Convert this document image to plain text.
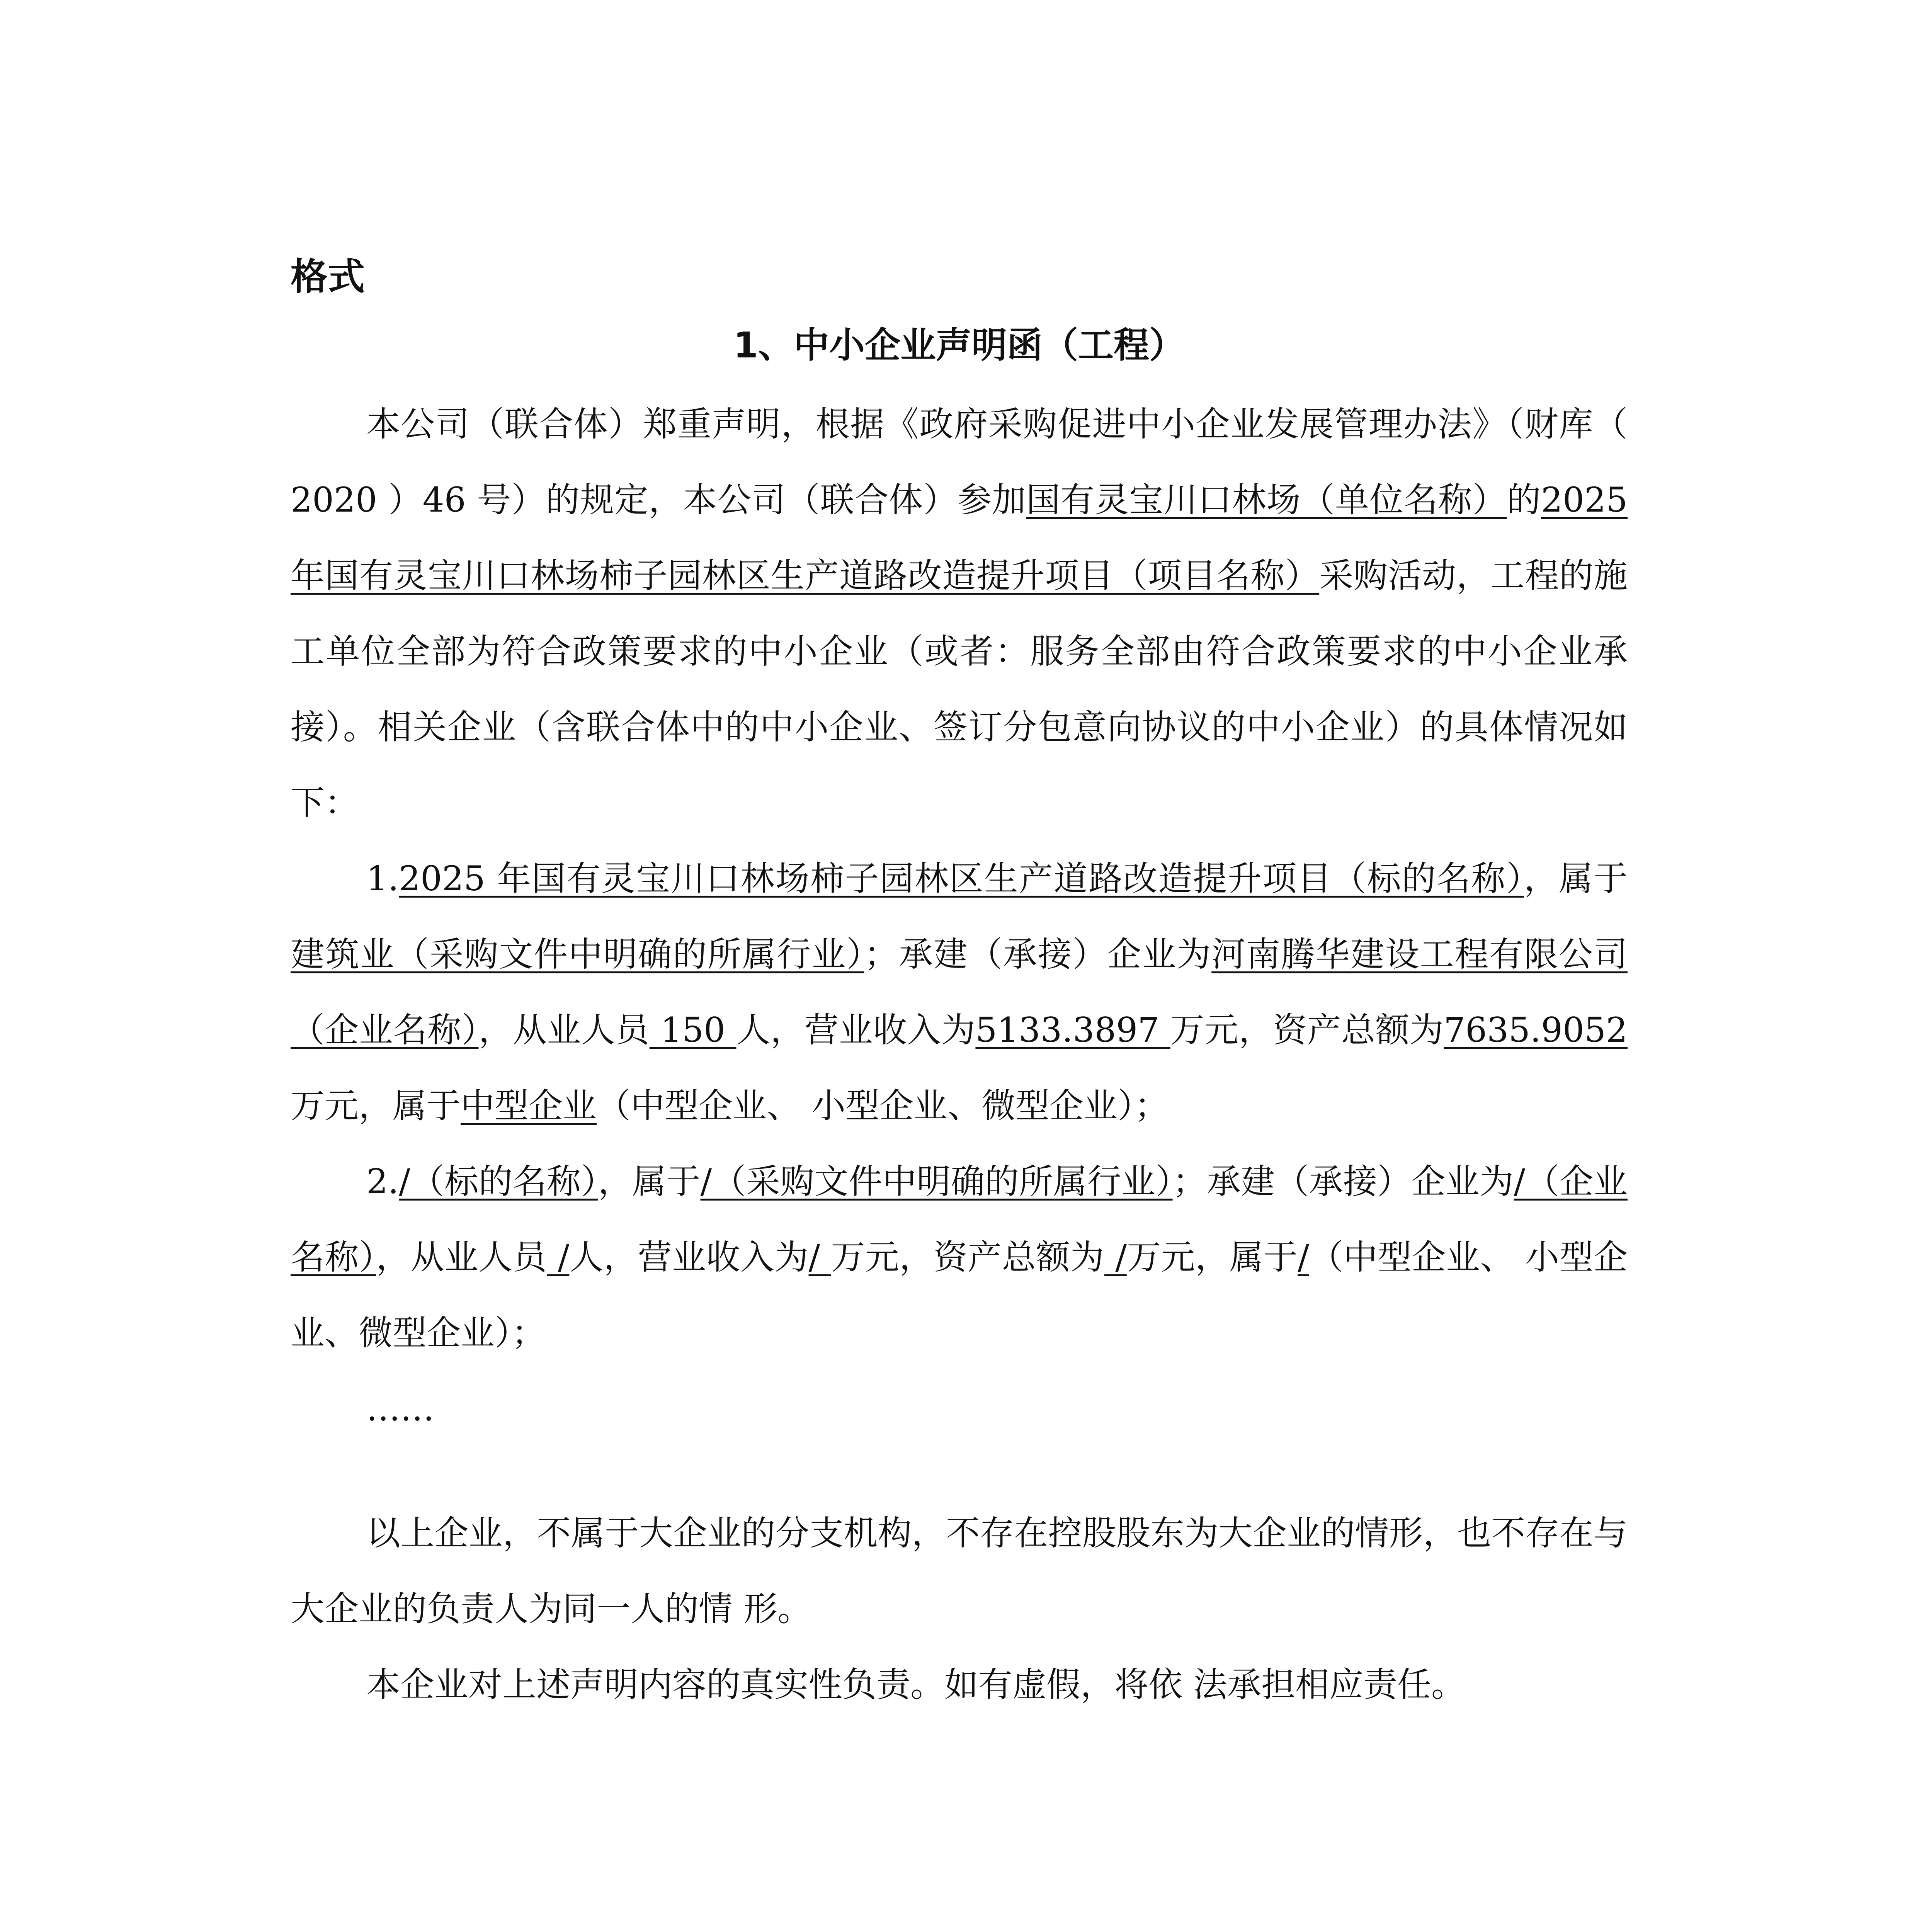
格式

1、中小企业声明函（工程）

本公司（联合体）郑重声明，根据《政府采购促进中小企业发展管理办法》（财库（ 2020 ）46 号）的规定，本公司（联合体）参加国有灵宝川口林场（单位名称）的2025 年国有灵宝川口林场柿子园林区生产道路改造提升项目（项目名称）采购活动，工程的施工单位全部为符合政策要求的中小企业（或者：服务全部由符合政策要求的中小企业承接）。相关企业（含联合体中的中小企业、签订分包意向协议的中小企业）的具体情况如下：

1.2025 年国有灵宝川口林场柿子园林区生产道路改造提升项目（标的名称），属于建筑业（采购文件中明确的所属行业）；承建（承接）企业为河南腾华建设工程有限公司（企业名称），从业人员 150 人，营业收入为5133.3897 万元，资产总额为7635.9052万元，属于中型企业（中型企业、 小型企业、微型企业）；

2./（标的名称），属于/（采购文件中明确的所属行业）；承建（承接）企业为/（企业名称），从业人员 /人，营业收入为/ 万元，资产总额为 /万元，属于/（中型企业、 小型企业、微型企业）；

……

以上企业，不属于大企业的分支机构，不存在控股股东为大企业的情形，也不存在与大企业的负责人为同一人的情 形。

本企业对上述声明内容的真实性负责。如有虚假，将依 法承担相应责任。
